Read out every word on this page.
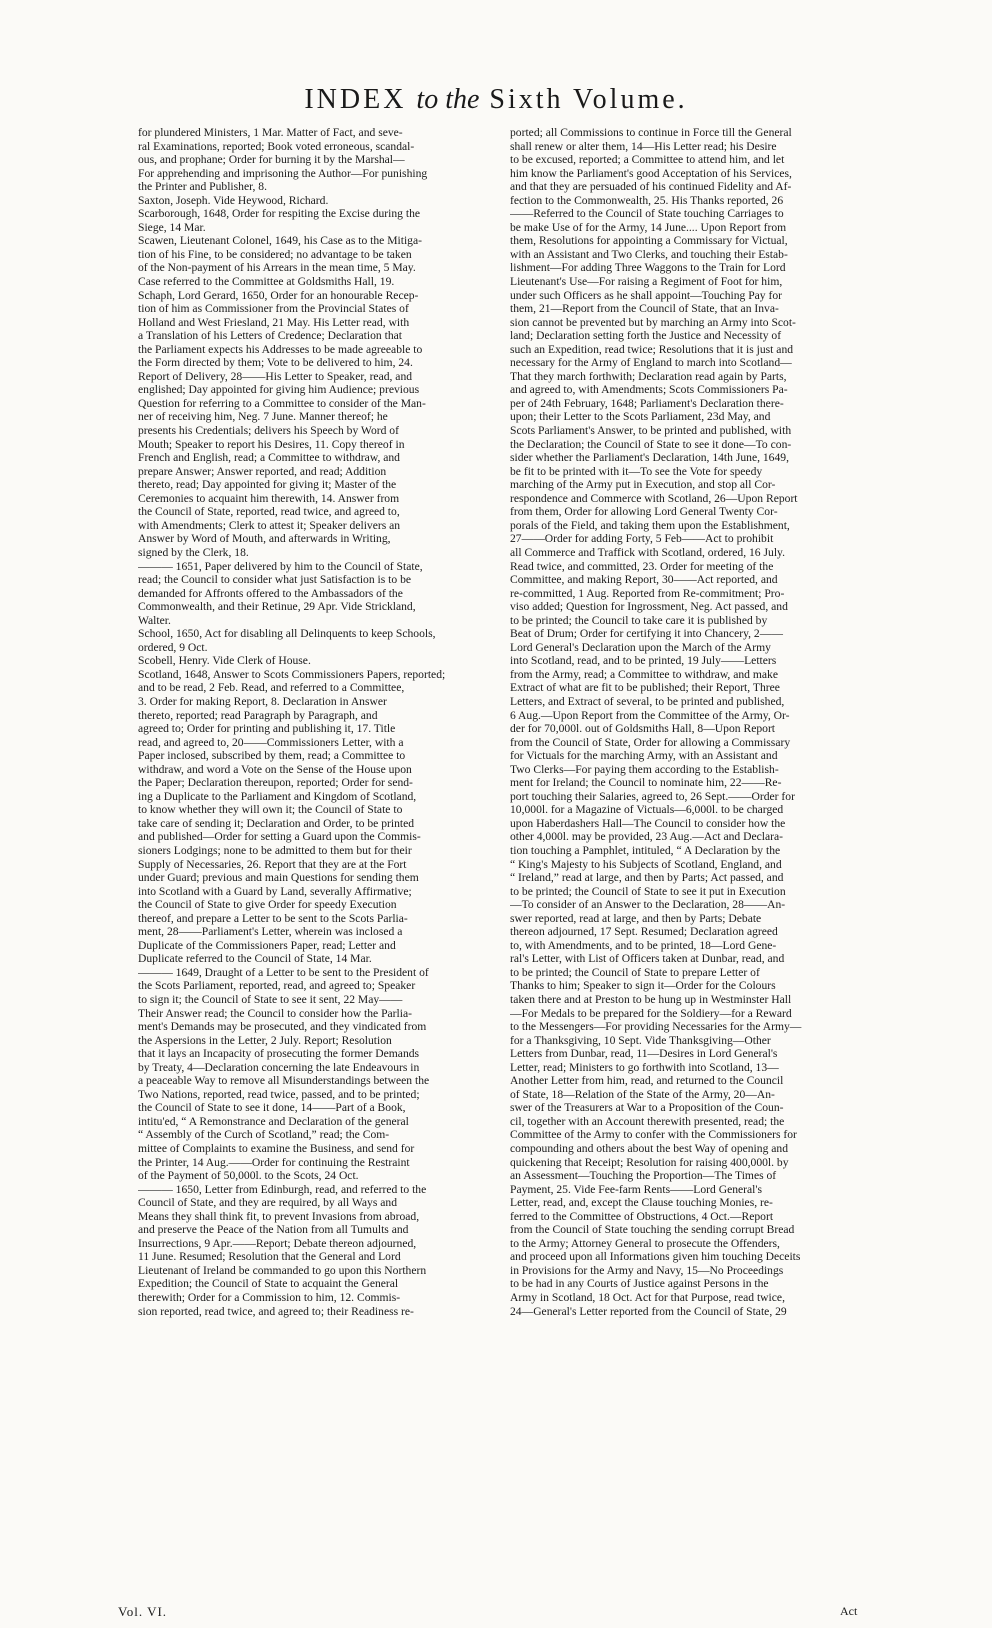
INDEX to the Sixth Volume.
for plundered Ministers, 1 Mar. Matter of Fact, and seve-
ral Examinations, reported; Book voted erroneous, scandal-
ous, and prophane; Order for burning it by the Marshal—
For apprehending and imprisoning the Author—For punishing
the Printer and Publisher, 8.
Saxton, Joseph. Vide Heywood, Richard.
Scarborough, 1648, Order for respiting the Excise during the
Siege, 14 Mar.
Scawen, Lieutenant Colonel, 1649, his Case as to the Mitiga-
tion of his Fine, to be considered; no advantage to be taken
of the Non-payment of his Arrears in the mean time, 5 May.
Case referred to the Committee at Goldsmiths Hall, 19.
Schaph, Lord Gerard, 1650, Order for an honourable Recep-
tion of him as Commissioner from the Provincial States of
Holland and West Friesland, 21 May. His Letter read, with
a Translation of his Letters of Credence; Declaration that
the Parliament expects his Addresses to be made agreeable to
the Form directed by them; Vote to be delivered to him, 24.
Report of Delivery, 28——His Letter to Speaker, read, and
englished; Day appointed for giving him Audience; previous
Question for referring to a Committee to consider of the Man-
ner of receiving him, Neg. 7 June. Manner thereof; he
presents his Credentials; delivers his Speech by Word of
Mouth; Speaker to report his Desires, 11. Copy thereof in
French and English, read; a Committee to withdraw, and
prepare Answer; Answer reported, and read; Addition
thereto, read; Day appointed for giving it; Master of the
Ceremonies to acquaint him therewith, 14. Answer from
the Council of State, reported, read twice, and agreed to,
with Amendments; Clerk to attest it; Speaker delivers an
Answer by Word of Mouth, and afterwards in Writing,
signed by the Clerk, 18.
——— 1651, Paper delivered by him to the Council of State,
read; the Council to consider what just Satisfaction is to be
demanded for Affronts offered to the Ambassadors of the
Commonwealth, and their Retinue, 29 Apr. Vide Strickland,
Walter.
School, 1650, Act for disabling all Delinquents to keep Schools,
ordered, 9 Oct.
Scobell, Henry. Vide Clerk of House.
Scotland, 1648, Answer to Scots Commissioners Papers, reported;
and to be read, 2 Feb. Read, and referred to a Committee,
3. Order for making Report, 8. Declaration in Answer
thereto, reported; read Paragraph by Paragraph, and
agreed to; Order for printing and publishing it, 17. Title
read, and agreed to, 20——Commissioners Letter, with a
Paper inclosed, subscribed by them, read; a Committee to
withdraw, and word a Vote on the Sense of the House upon
the Paper; Declaration thereupon, reported; Order for send-
ing a Duplicate to the Parliament and Kingdom of Scotland,
to know whether they will own it; the Council of State to
take care of sending it; Declaration and Order, to be printed
and published—Order for setting a Guard upon the Commis-
sioners Lodgings; none to be admitted to them but for their
Supply of Necessaries, 26. Report that they are at the Fort
under Guard; previous and main Questions for sending them
into Scotland with a Guard by Land, severally Affirmative;
the Council of State to give Order for speedy Execution
thereof, and prepare a Letter to be sent to the Scots Parlia-
ment, 28——Parliament's Letter, wherein was inclosed a
Duplicate of the Commissioners Paper, read; Letter and
Duplicate referred to the Council of State, 14 Mar.
——— 1649, Draught of a Letter to be sent to the President of
the Scots Parliament, reported, read, and agreed to; Speaker
to sign it; the Council of State to see it sent, 22 May——
Their Answer read; the Council to consider how the Parlia-
ment's Demands may be prosecuted, and they vindicated from
the Aspersions in the Letter, 2 July. Report; Resolution
that it lays an Incapacity of prosecuting the former Demands
by Treaty, 4—Declaration concerning the late Endeavours in
a peaceable Way to remove all Misunderstandings between the
Two Nations, reported, read twice, passed, and to be printed;
the Council of State to see it done, 14——Part of a Book,
intitu'ed, “ A Remonstrance and Declaration of the general
“ Assembly of the Curch of Scotland,” read; the Com-
mittee of Complaints to examine the Business, and send for
the Printer, 14 Aug.——Order for continuing the Restraint
of the Payment of 50,000l. to the Scots, 24 Oct.
——— 1650, Letter from Edinburgh, read, and referred to the
Council of State, and they are required, by all Ways and
Means they shall think fit, to prevent Invasions from abroad,
and preserve the Peace of the Nation from all Tumults and
Insurrections, 9 Apr.——Report; Debate thereon adjourned,
11 June. Resumed; Resolution that the General and Lord
Lieutenant of Ireland be commanded to go upon this Northern
Expedition; the Council of State to acquaint the General
therewith; Order for a Commission to him, 12. Commis-
sion reported, read twice, and agreed to; their Readiness re-
ported; all Commissions to continue in Force till the General
shall renew or alter them, 14—His Letter read; his Desire
to be excused, reported; a Committee to attend him, and let
him know the Parliament's good Acceptation of his Services,
and that they are persuaded of his continued Fidelity and Af-
fection to the Commonwealth, 25. His Thanks reported, 26
——Referred to the Council of State touching Carriages to
be make Use of for the Army, 14 June.... Upon Report from
them, Resolutions for appointing a Commissary for Victual,
with an Assistant and Two Clerks, and touching their Estab-
lishment—For adding Three Waggons to the Train for Lord
Lieutenant's Use—For raising a Regiment of Foot for him,
under such Officers as he shall appoint—Touching Pay for
them, 21—Report from the Council of State, that an Inva-
sion cannot be prevented but by marching an Army into Scot-
land; Declaration setting forth the Justice and Necessity of
such an Expedition, read twice; Resolutions that it is just and
necessary for the Army of England to march into Scotland—
That they march forthwith; Declaration read again by Parts,
and agreed to, with Amendments; Scots Commissioners Pa-
per of 24th February, 1648; Parliament's Declaration there-
upon; their Letter to the Scots Parliament, 23d May, and
Scots Parliament's Answer, to be printed and published, with
the Declaration; the Council of State to see it done—To con-
sider whether the Parliament's Declaration, 14th June, 1649,
be fit to be printed with it—To see the Vote for speedy
marching of the Army put in Execution, and stop all Cor-
respondence and Commerce with Scotland, 26—Upon Report
from them, Order for allowing Lord General Twenty Cor-
porals of the Field, and taking them upon the Establishment,
27——Order for adding Forty, 5 Feb——Act to prohibit
all Commerce and Traffick with Scotland, ordered, 16 July.
Read twice, and committed, 23. Order for meeting of the
Committee, and making Report, 30——Act reported, and
re-committed, 1 Aug. Reported from Re-commitment; Pro-
viso added; Question for Ingrossment, Neg. Act passed, and
to be printed; the Council to take care it is published by
Beat of Drum; Order for certifying it into Chancery, 2——
Lord General's Declaration upon the March of the Army
into Scotland, read, and to be printed, 19 July——Letters
from the Army, read; a Committee to withdraw, and make
Extract of what are fit to be published; their Report, Three
Letters, and Extract of several, to be printed and published,
6 Aug.—Upon Report from the Committee of the Army, Or-
der for 70,000l. out of Goldsmiths Hall, 8—Upon Report
from the Council of State, Order for allowing a Commissary
for Victuals for the marching Army, with an Assistant and
Two Clerks—For paying them according to the Establish-
ment for Ireland; the Council to nominate him, 22——Re-
port touching their Salaries, agreed to, 26 Sept.——Order for
10,000l. for a Magazine of Victuals—6,000l. to be charged
upon Haberdashers Hall—The Council to consider how the
other 4,000l. may be provided, 23 Aug.—Act and Declara-
tion touching a Pamphlet, intituled, “ A Declaration by the
“ King's Majesty to his Subjects of Scotland, England, and
“ Ireland,” read at large, and then by Parts; Act passed, and
to be printed; the Council of State to see it put in Execution
—To consider of an Answer to the Declaration, 28——An-
swer reported, read at large, and then by Parts; Debate
thereon adjourned, 17 Sept. Resumed; Declaration agreed
to, with Amendments, and to be printed, 18—Lord Gene-
ral's Letter, with List of Officers taken at Dunbar, read, and
to be printed; the Council of State to prepare Letter of
Thanks to him; Speaker to sign it—Order for the Colours
taken there and at Preston to be hung up in Westminster Hall
—For Medals to be prepared for the Soldiery—for a Reward
to the Messengers—For providing Necessaries for the Army—
for a Thanksgiving, 10 Sept. Vide Thanksgiving—Other
Letters from Dunbar, read, 11—Desires in Lord General's
Letter, read; Ministers to go forthwith into Scotland, 13—
Another Letter from him, read, and returned to the Council
of State, 18—Relation of the State of the Army, 20—An-
swer of the Treasurers at War to a Proposition of the Coun-
cil, together with an Account therewith presented, read; the
Committee of the Army to confer with the Commissioners for
compounding and others about the best Way of opening and
quickening that Receipt; Resolution for raising 400,000l. by
an Assessment—Touching the Proportion—The Times of
Payment, 25. Vide Fee-farm Rents——Lord General's
Letter, read, and, except the Clause touching Monies, re-
ferred to the Committee of Obstructions, 4 Oct.—Report
from the Council of State touching the sending corrupt Bread
to the Army; Attorney General to prosecute the Offenders,
and proceed upon all Informations given him touching Deceits
in Provisions for the Army and Navy, 15—No Proceedings
to be had in any Courts of Justice against Persons in the
Army in Scotland, 18 Oct. Act for that Purpose, read twice,
24—General's Letter reported from the Council of State, 29
Vol. VI.	Act
